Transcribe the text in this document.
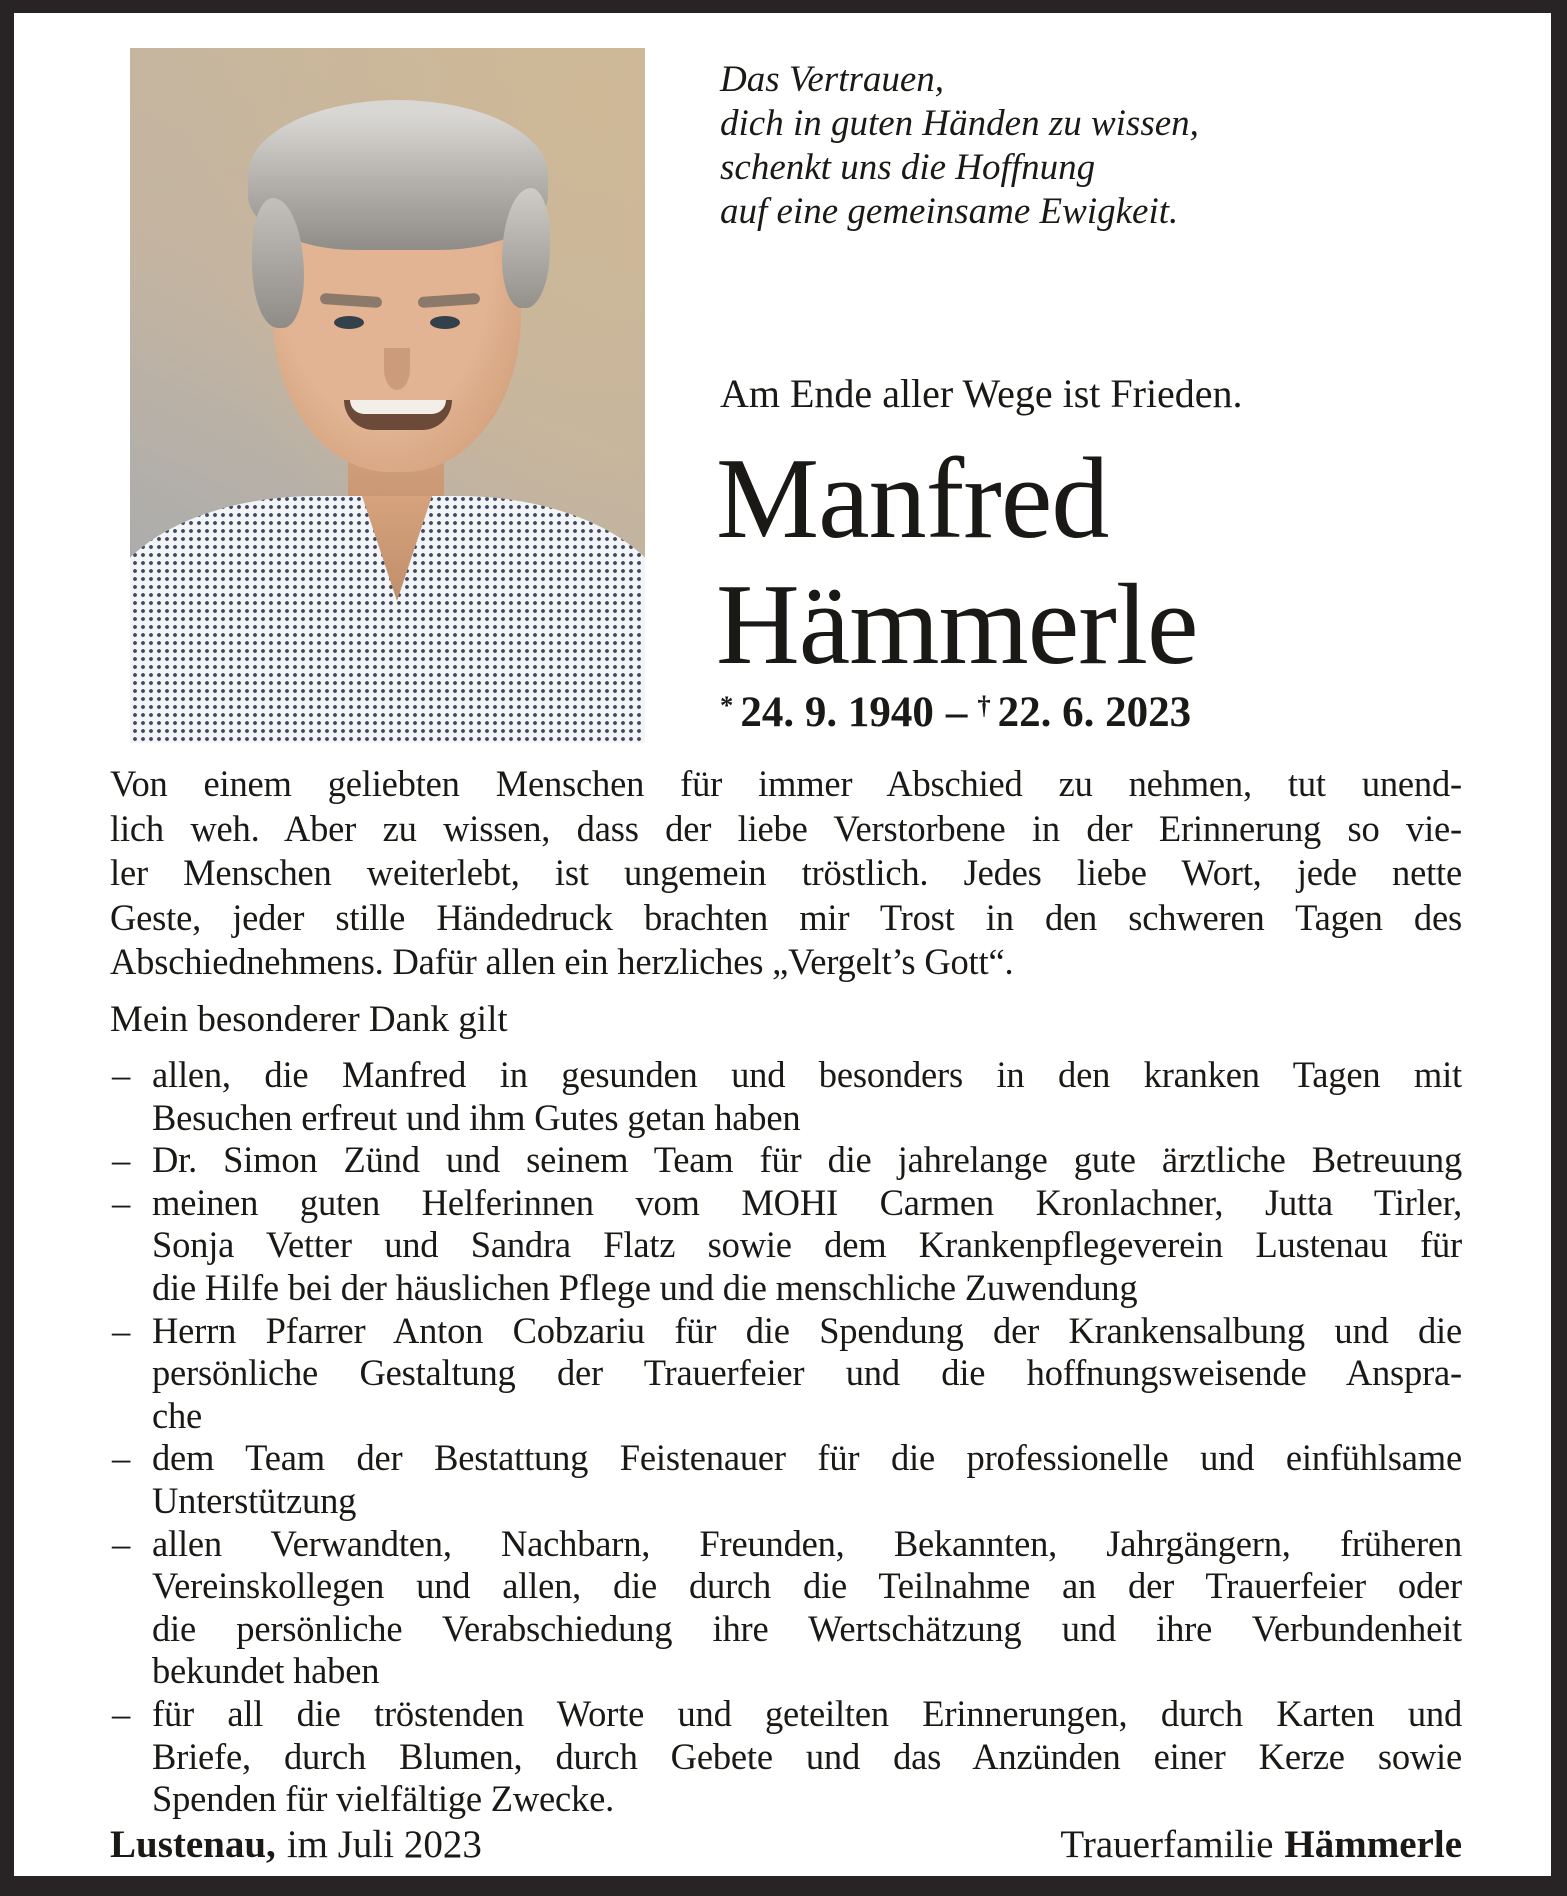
Das Vertrauen,
dich in guten Händen zu wissen,
schenkt uns die Hoffnung
auf eine gemeinsame Ewigkeit.
Am Ende aller Wege ist Frieden.
Manfred
Hämmerle
* 24. 9. 1940 – † 22. 6. 2023
Von einem geliebten Menschen für immer Abschied zu nehmen, tut unend-
lich weh. Aber zu wissen, dass der liebe Verstorbene in der Erinnerung so vie-
ler Menschen weiterlebt, ist ungemein tröstlich. Jedes liebe Wort, jede nette
Geste, jeder stille Händedruck brachten mir Trost in den schweren Tagen des
Abschiednehmens. Dafür allen ein herzliches „Vergelt’s Gott“.
Mein besonderer Dank gilt
– allen, die Manfred in gesunden und besonders in den kranken Tagen mit
Besuchen erfreut und ihm Gutes getan haben
– Dr. Simon Zünd und seinem Team für die jahrelange gute ärztliche Betreuung
– meinen guten Helferinnen vom MOHI Carmen Kronlachner, Jutta Tirler,
Sonja Vetter und Sandra Flatz sowie dem Krankenpflegeverein Lustenau für
die Hilfe bei der häuslichen Pflege und die menschliche Zuwendung
– Herrn Pfarrer Anton Cobzariu für die Spendung der Krankensalbung und die
persönliche Gestaltung der Trauerfeier und die hoffnungsweisende Anspra-
che
– dem Team der Bestattung Feistenauer für die professionelle und einfühlsame
Unterstützung
– allen Verwandten, Nachbarn, Freunden, Bekannten, Jahrgängern, früheren
Vereinskollegen und allen, die durch die Teilnahme an der Trauerfeier oder
die persönliche Verabschiedung ihre Wertschätzung und ihre Verbundenheit
bekundet haben
– für all die tröstenden Worte und geteilten Erinnerungen, durch Karten und
Briefe, durch Blumen, durch Gebete und das Anzünden einer Kerze sowie
Spenden für vielfältige Zwecke.
Lustenau, im Juli 2023	Trauerfamilie Hämmerle
